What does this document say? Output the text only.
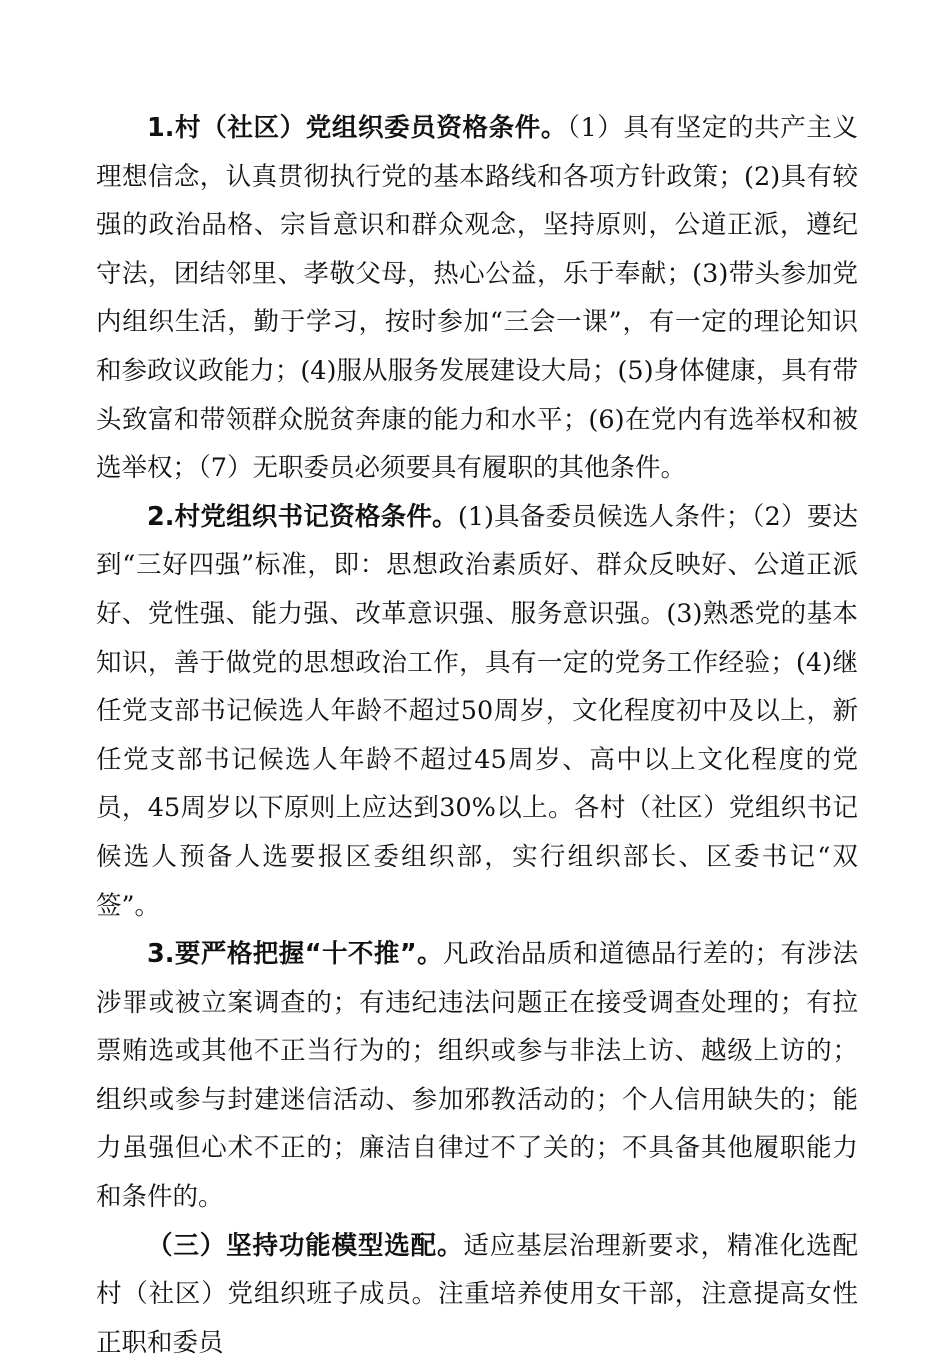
1.村（社区）党组织委员资格条件。（1）具有坚定的共产主义理想信念，认真贯彻执行党的基本路线和各项方针政策；(2)具有较强的政治品格、宗旨意识和群众观念，坚持原则，公道正派，遵纪守法，团结邻里、孝敬父母，热心公益，乐于奉献；(3)带头参加党内组织生活，勤于学习，按时参加“三会一课”，有一定的理论知识和参政议政能力；(4)服从服务发展建设大局；(5)身体健康，具有带头致富和带领群众脱贫奔康的能力和水平；(6)在党内有选举权和被选举权；（7）无职委员必须要具有履职的其他条件。

2.村党组织书记资格条件。(1)具备委员候选人条件；（2）要达到“三好四强”标准，即：思想政治素质好、群众反映好、公道正派好、党性强、能力强、改革意识强、服务意识强。(3)熟悉党的基本知识，善于做党的思想政治工作，具有一定的党务工作经验；(4)继任党支部书记候选人年龄不超过50周岁，文化程度初中及以上，新任党支部书记候选人年龄不超过45周岁、高中以上文化程度的党员，45周岁以下原则上应达到30%以上。各村（社区）党组织书记候选人预备人选要报区委组织部，实行组织部长、区委书记“双签”。

3.要严格把握“十不推”。凡政治品质和道德品行差的；有涉法涉罪或被立案调查的；有违纪违法问题正在接受调查处理的；有拉票贿选或其他不正当行为的；组织或参与非法上访、越级上访的；组织或参与封建迷信活动、参加邪教活动的；个人信用缺失的；能力虽强但心术不正的；廉洁自律过不了关的；不具备其他履职能力和条件的。

（三）坚持功能模型选配。适应基层治理新要求，精准化选配村（社区）党组织班子成员。注重培养使用女干部，注意提高女性正职和委员
